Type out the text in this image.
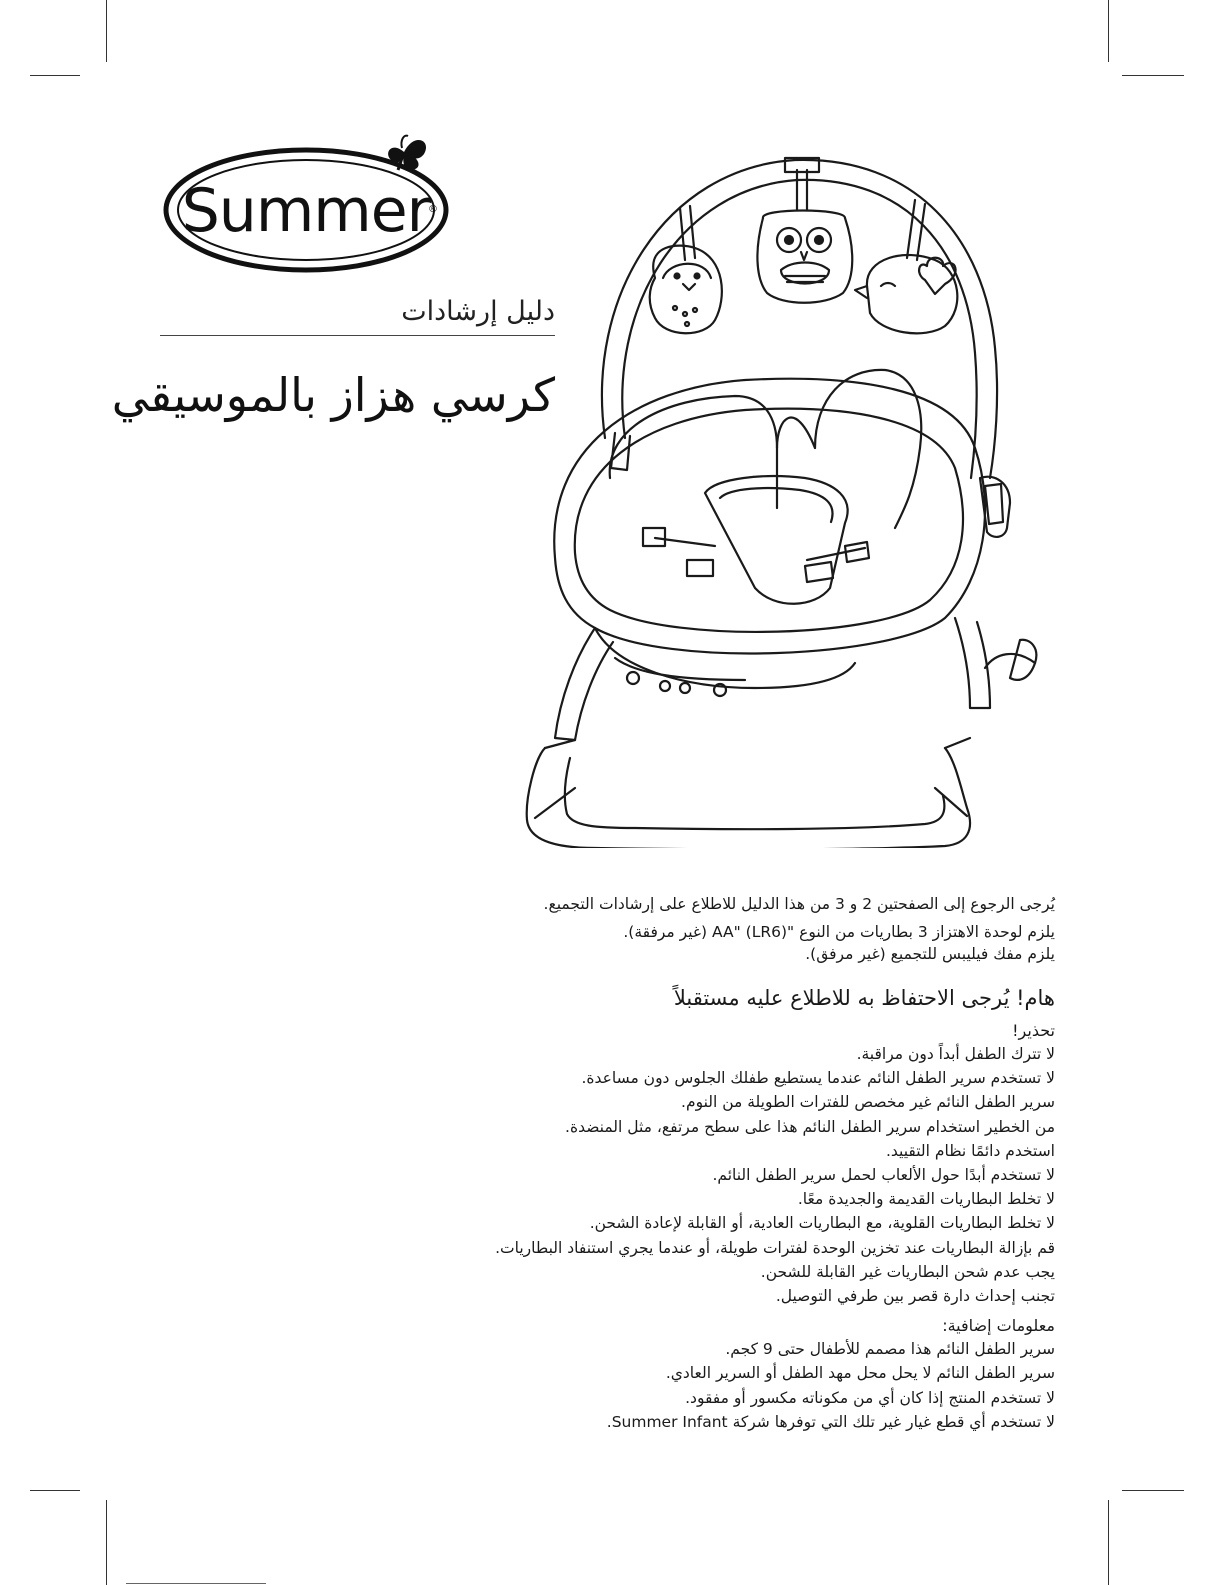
Summer
®
دليل إرشادات
كرسي هزاز بالموسيقي

يُرجى الرجوع إلى الصفحتين 2 و 3 من هذا الدليل للاطلاع على إرشادات التجميع.

يلزم لوحدة الاهتزاز 3 بطاريات من النوع "AA" (LR6) (غير مرفقة).

يلزم مفك فيليبس للتجميع (غير مرفق).

هام! يُرجى الاحتفاظ به للاطلاع عليه مستقبلاً
تحذير!

لا تترك الطفل أبداً دون مراقبة.

لا تستخدم سرير الطفل النائم عندما يستطيع طفلك الجلوس دون مساعدة.

سرير الطفل النائم غير مخصص للفترات الطويلة من النوم.

من الخطير استخدام سرير الطفل النائم هذا على سطح مرتفع، مثل المنضدة.

استخدم دائمًا نظام التقييد.

لا تستخدم أبدًا حول الألعاب لحمل سرير الطفل النائم.

لا تخلط البطاريات القديمة والجديدة معًا.

لا تخلط البطاريات القلوية، مع البطاريات العادية، أو القابلة لإعادة الشحن.

قم بإزالة البطاريات عند تخزين الوحدة لفترات طويلة، أو عندما يجري استنفاد البطاريات.

يجب عدم شحن البطاريات غير القابلة للشحن.

تجنب إحداث دارة قصر بين طرفي التوصيل.

معلومات إضافية:

سرير الطفل النائم هذا مصمم للأطفال حتى 9 كجم.

سرير الطفل النائم لا يحل محل مهد الطفل أو السرير العادي.

لا تستخدم المنتج إذا كان أي من مكوناته مكسور أو مفقود.

لا تستخدم أي قطع غيار غير تلك التي توفرها شركة Summer Infant.
